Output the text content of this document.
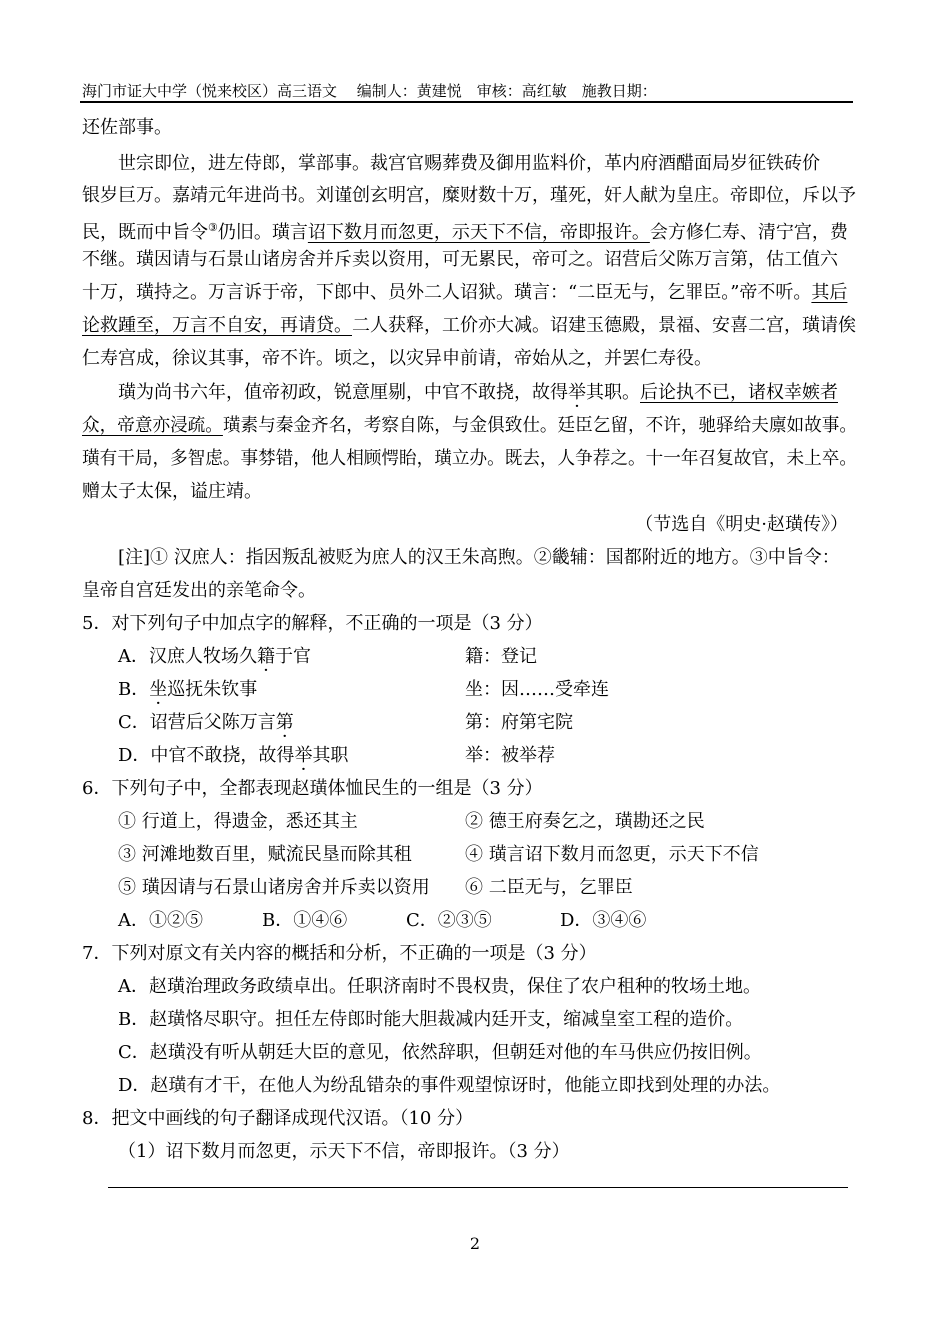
海门市证大中学（悦来校区）高三语文　 编制人：黄建悦　审核：高红敏　施教日期：
还佐部事。
世宗即位，进左侍郎，掌部事。裁宫官赐葬费及御用监料价，革内府酒醋面局岁征铁砖价
银岁巨万。嘉靖元年进尚书。刘谨创玄明宫，糜财数十万，瑾死，奸人献为皇庄。帝即位，斥以予
民，既而中旨令③仍旧。璜言诏下数月而忽更，示天下不信，帝即报许。会方修仁寿、清宁宫，费
不继。璜因请与石景山诸房舍并斥卖以资用，可无累民，帝可之。诏营后父陈万言第，估工值六
十万，璜持之。万言诉于帝，下郎中、员外二人诏狱。璜言：“二臣无与，乞罪臣。”帝不听。其后
论救踵至，万言不自安，再请贷。二人获释，工价亦大减。诏建玉德殿，景福、安喜二宫，璜请俟
仁寿宫成，徐议其事，帝不许。顷之，以灾异申前请，帝始从之，并罢仁寿役。
璜为尚书六年，值帝初政，锐意厘剔，中官不敢挠，故得举其职。后论执不已，诸权幸嫉者
众，帝意亦浸疏。璜素与秦金齐名，考察自陈，与金俱致仕。廷臣乞留，不许，驰驿给夫廪如故事。
璜有干局，多智虑。事棼错，他人相顾愕眙，璜立办。既去，人争荐之。十一年召复故官，未上卒。
赠太子太保，谥庄靖。
（节选自《明史·赵璜传》）
[注]① 汉庶人：指因叛乱被贬为庶人的汉王朱高煦。②畿辅：国都附近的地方。③中旨令：
皇帝自宫廷发出的亲笔命令。
5．对下列句子中加点字的解释，不正确的一项是（3 分）
A．汉庶人牧场久籍于官	籍：登记
B．坐巡抚朱钦事	坐：因……受牵连
C．诏营后父陈万言第	第：府第宅院
D．中官不敢挠，故得举其职	举：被举荐
6．下列句子中，全都表现赵璜体恤民生的一组是（3 分）
① 行道上，得遗金，悉还其主	② 德王府奏乞之，璜勘还之民
③ 河滩地数百里，赋流民垦而除其租	④ 璜言诏下数月而忽更，示天下不信
⑤ 璜因请与石景山诸房舍并斥卖以资用 ⑥ 二臣无与，乞罪臣
A．①②⑤	B．①④⑥	C．②③⑤	D．③④⑥
7．下列对原文有关内容的概括和分析，不正确的一项是（3 分）
A．赵璜治理政务政绩卓出。任职济南时不畏权贵，保住了农户租种的牧场土地。
B．赵璜恪尽职守。担任左侍郎时能大胆裁减内廷开支，缩减皇室工程的造价。
C．赵璜没有听从朝廷大臣的意见，依然辞职，但朝廷对他的车马供应仍按旧例。
D．赵璜有才干，在他人为纷乱错杂的事件观望惊讶时，他能立即找到处理的办法。
8．把文中画线的句子翻译成现代汉语。（10 分）
（1）诏下数月而忽更，示天下不信，帝即报许。（3 分）
2
